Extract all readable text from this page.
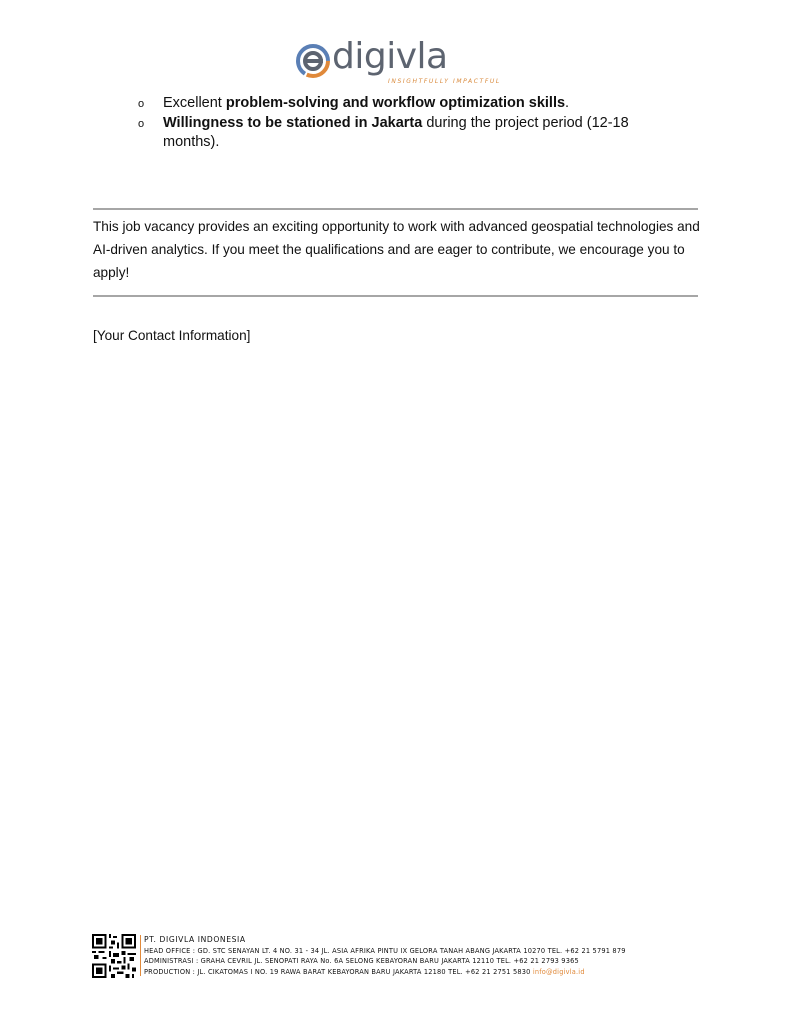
digivla
INSIGHTFULLY IMPACTFUL
o Excellent problem-solving and workflow optimization skills.
o Willingness to be stationed in Jakarta during the project period (12-18 months).
This job vacancy provides an exciting opportunity to work with advanced geospatial technologies and AI-driven analytics. If you meet the qualifications and are eager to contribute, we encourage you to apply!
[Your Contact Information]
PT. DIGIVLA INDONESIA
HEAD OFFICE : GD. STC SENAYAN LT. 4 NO. 31 - 34 JL. ASIA AFRIKA PINTU IX GELORA TANAH ABANG JAKARTA 10270 TEL. +62 21 5791 879
ADMINISTRASI : GRAHA CEVRIL JL. SENOPATI RAYA No. 6A SELONG KEBAYORAN BARU JAKARTA 12110 TEL. +62 21 2793 9365
PRODUCTION : JL. CIKATOMAS I NO. 19 RAWA BARAT KEBAYORAN BARU JAKARTA 12180 TEL. +62 21 2751 5830 info@digivla.id
